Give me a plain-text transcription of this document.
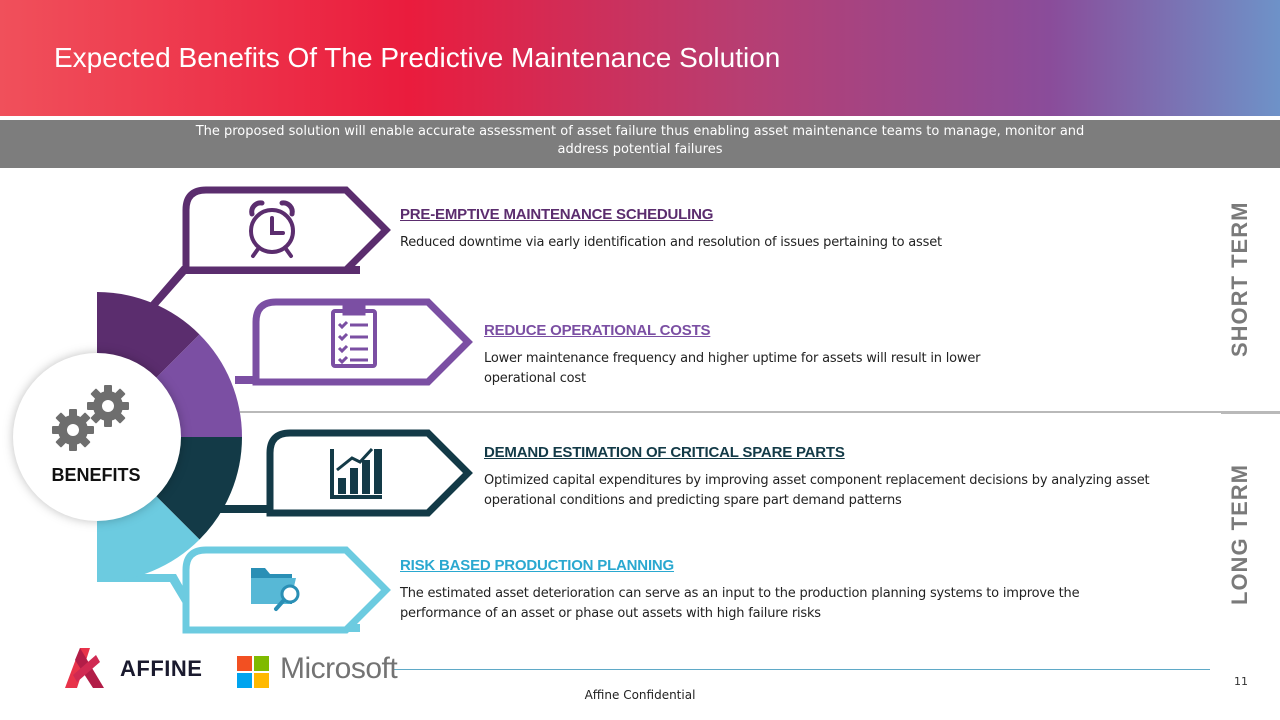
Expected Benefits Of The Predictive Maintenance Solution
The proposed solution will enable accurate assessment of asset failure thus enabling asset maintenance teams to manage, monitor and address potential failures
BENEFITS
PRE-EMPTIVE MAINTENANCE SCHEDULING
Reduced downtime via early identification and resolution of issues pertaining to asset
REDUCE OPERATIONAL COSTS
Lower maintenance frequency and higher uptime for assets will result in lower operational cost
DEMAND ESTIMATION OF CRITICAL SPARE PARTS
Optimized capital expenditures by improving asset component replacement decisions by analyzing asset operational conditions and predicting spare part demand patterns
RISK BASED PRODUCTION PLANNING
The estimated asset deterioration can serve as an input to the production planning systems to improve the performance of an asset or phase out assets with high failure risks
SHORT TERM
LONG TERM
AFFINE	Microsoft
Affine Confidential
11
